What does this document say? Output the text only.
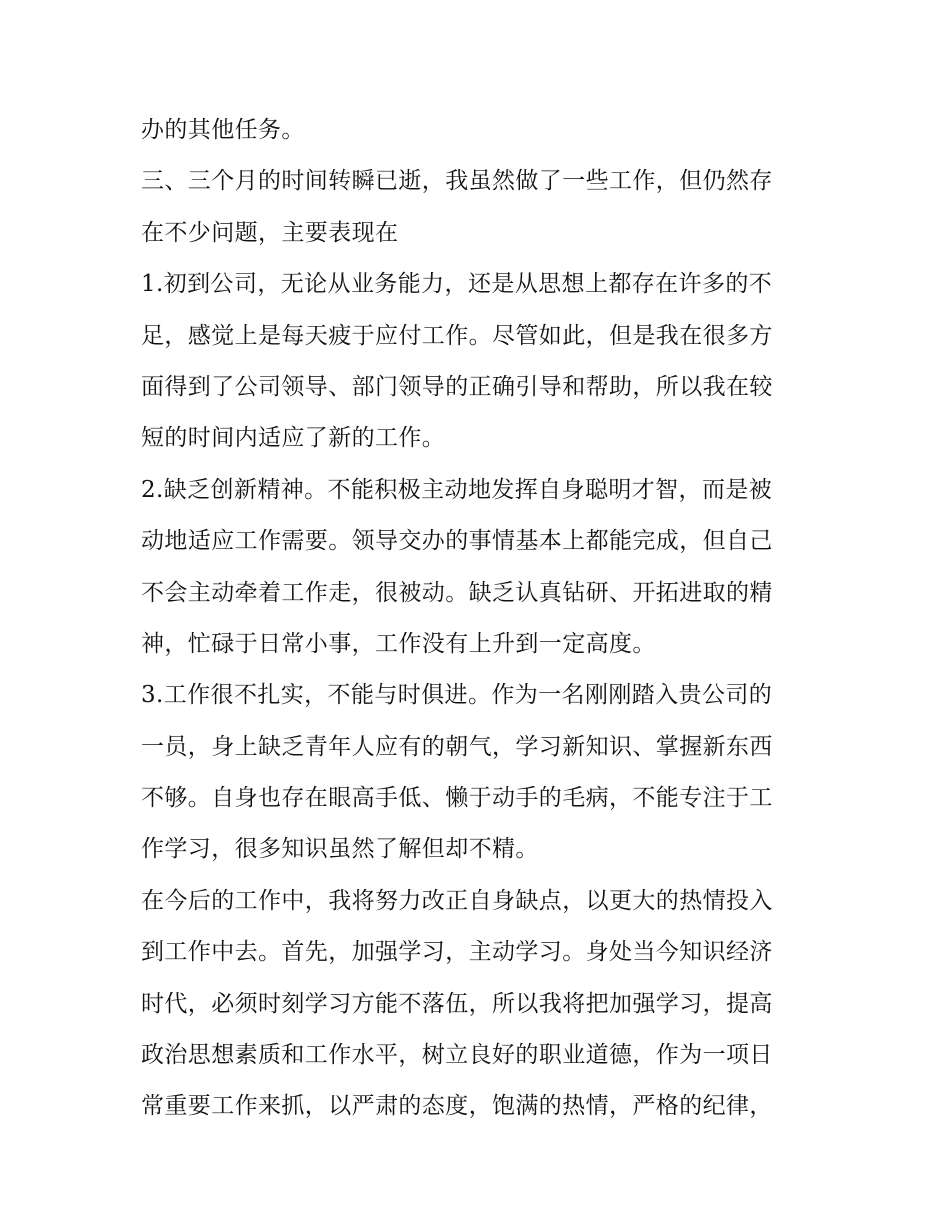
办的其他任务。
三、三个月的时间转瞬已逝，我虽然做了一些工作，但仍然存
在不少问题，主要表现在
1.初到公司，无论从业务能力，还是从思想上都存在许多的不
足，感觉上是每天疲于应付工作。尽管如此，但是我在很多方
面得到了公司领导、部门领导的正确引导和帮助，所以我在较
短的时间内适应了新的工作。
2.缺乏创新精神。不能积极主动地发挥自身聪明才智，而是被
动地适应工作需要。领导交办的事情基本上都能完成，但自己
不会主动牵着工作走，很被动。缺乏认真钻研、开拓进取的精
神，忙碌于日常小事，工作没有上升到一定高度。
3.工作很不扎实，不能与时俱进。作为一名刚刚踏入贵公司的
一员，身上缺乏青年人应有的朝气，学习新知识、掌握新东西
不够。自身也存在眼高手低、懒于动手的毛病，不能专注于工
作学习，很多知识虽然了解但却不精。
在今后的工作中，我将努力改正自身缺点，以更大的热情投入
到工作中去。首先，加强学习，主动学习。身处当今知识经济
时代，必须时刻学习方能不落伍，所以我将把加强学习，提高
政治思想素质和工作水平，树立良好的职业道德，作为一项日
常重要工作来抓，以严肃的态度，饱满的热情，严格的纪律，
